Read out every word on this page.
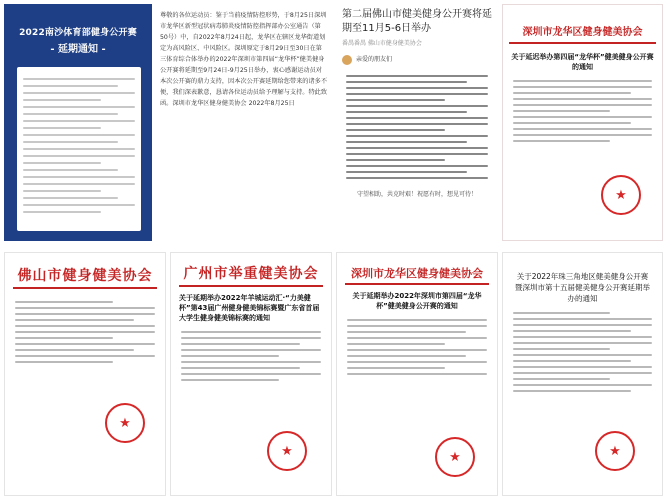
2022南沙体育部健身公开赛
- 延期通知 -
尊敬的各位运动员：鉴于当前疫情防控形势，于8月25日深圳市龙华区新型冠状病毒肺炎疫情防控指挥部办公室通告（第50号）中，自2022年8月24日起，龙华区在辖区龙华街道划定为高风险区、中风险区。深圳原定于8月29日至30日在第三体育综合体举办的2022年深圳市第四届“龙华杯”健美健身公开赛将延期至9月24日-9月25日举办，衷心感谢运动员对本次公开赛的鼎力支持，因本次公开赛延期给您带来的诸多不便，我们深表歉意，恳请各位运动员给予理解与支持。特此致函。深圳市龙华区健身健美协会 2022年8月25日
第二届佛山市健美健身公开赛将延期至11月5-6日举办
番禺番禺 佛山市健身健美协会
亲爱的朋友们
守望相助，共克时艰！祝愿有时，想见可待！
深圳市龙华区健身健美协会
关于延迟举办第四届“龙华杯”健美健身公开赛的通知
★
佛山市健身健美协会
★
广州市举重健美协会
关于延期举办2022年羊城运动汇·“力美健杯”第43届广州健身健美锦标赛暨广东省首届大学生健身健美锦标赛的通知
★
深圳市龙华区健身健美协会
关于延期举办2022年深圳市第四届“龙华杯”健美健身公开赛的通知
★
关于2022年珠三角地区健美健身公开赛暨深圳市第十五届健美健身公开赛延期举办的通知
★
